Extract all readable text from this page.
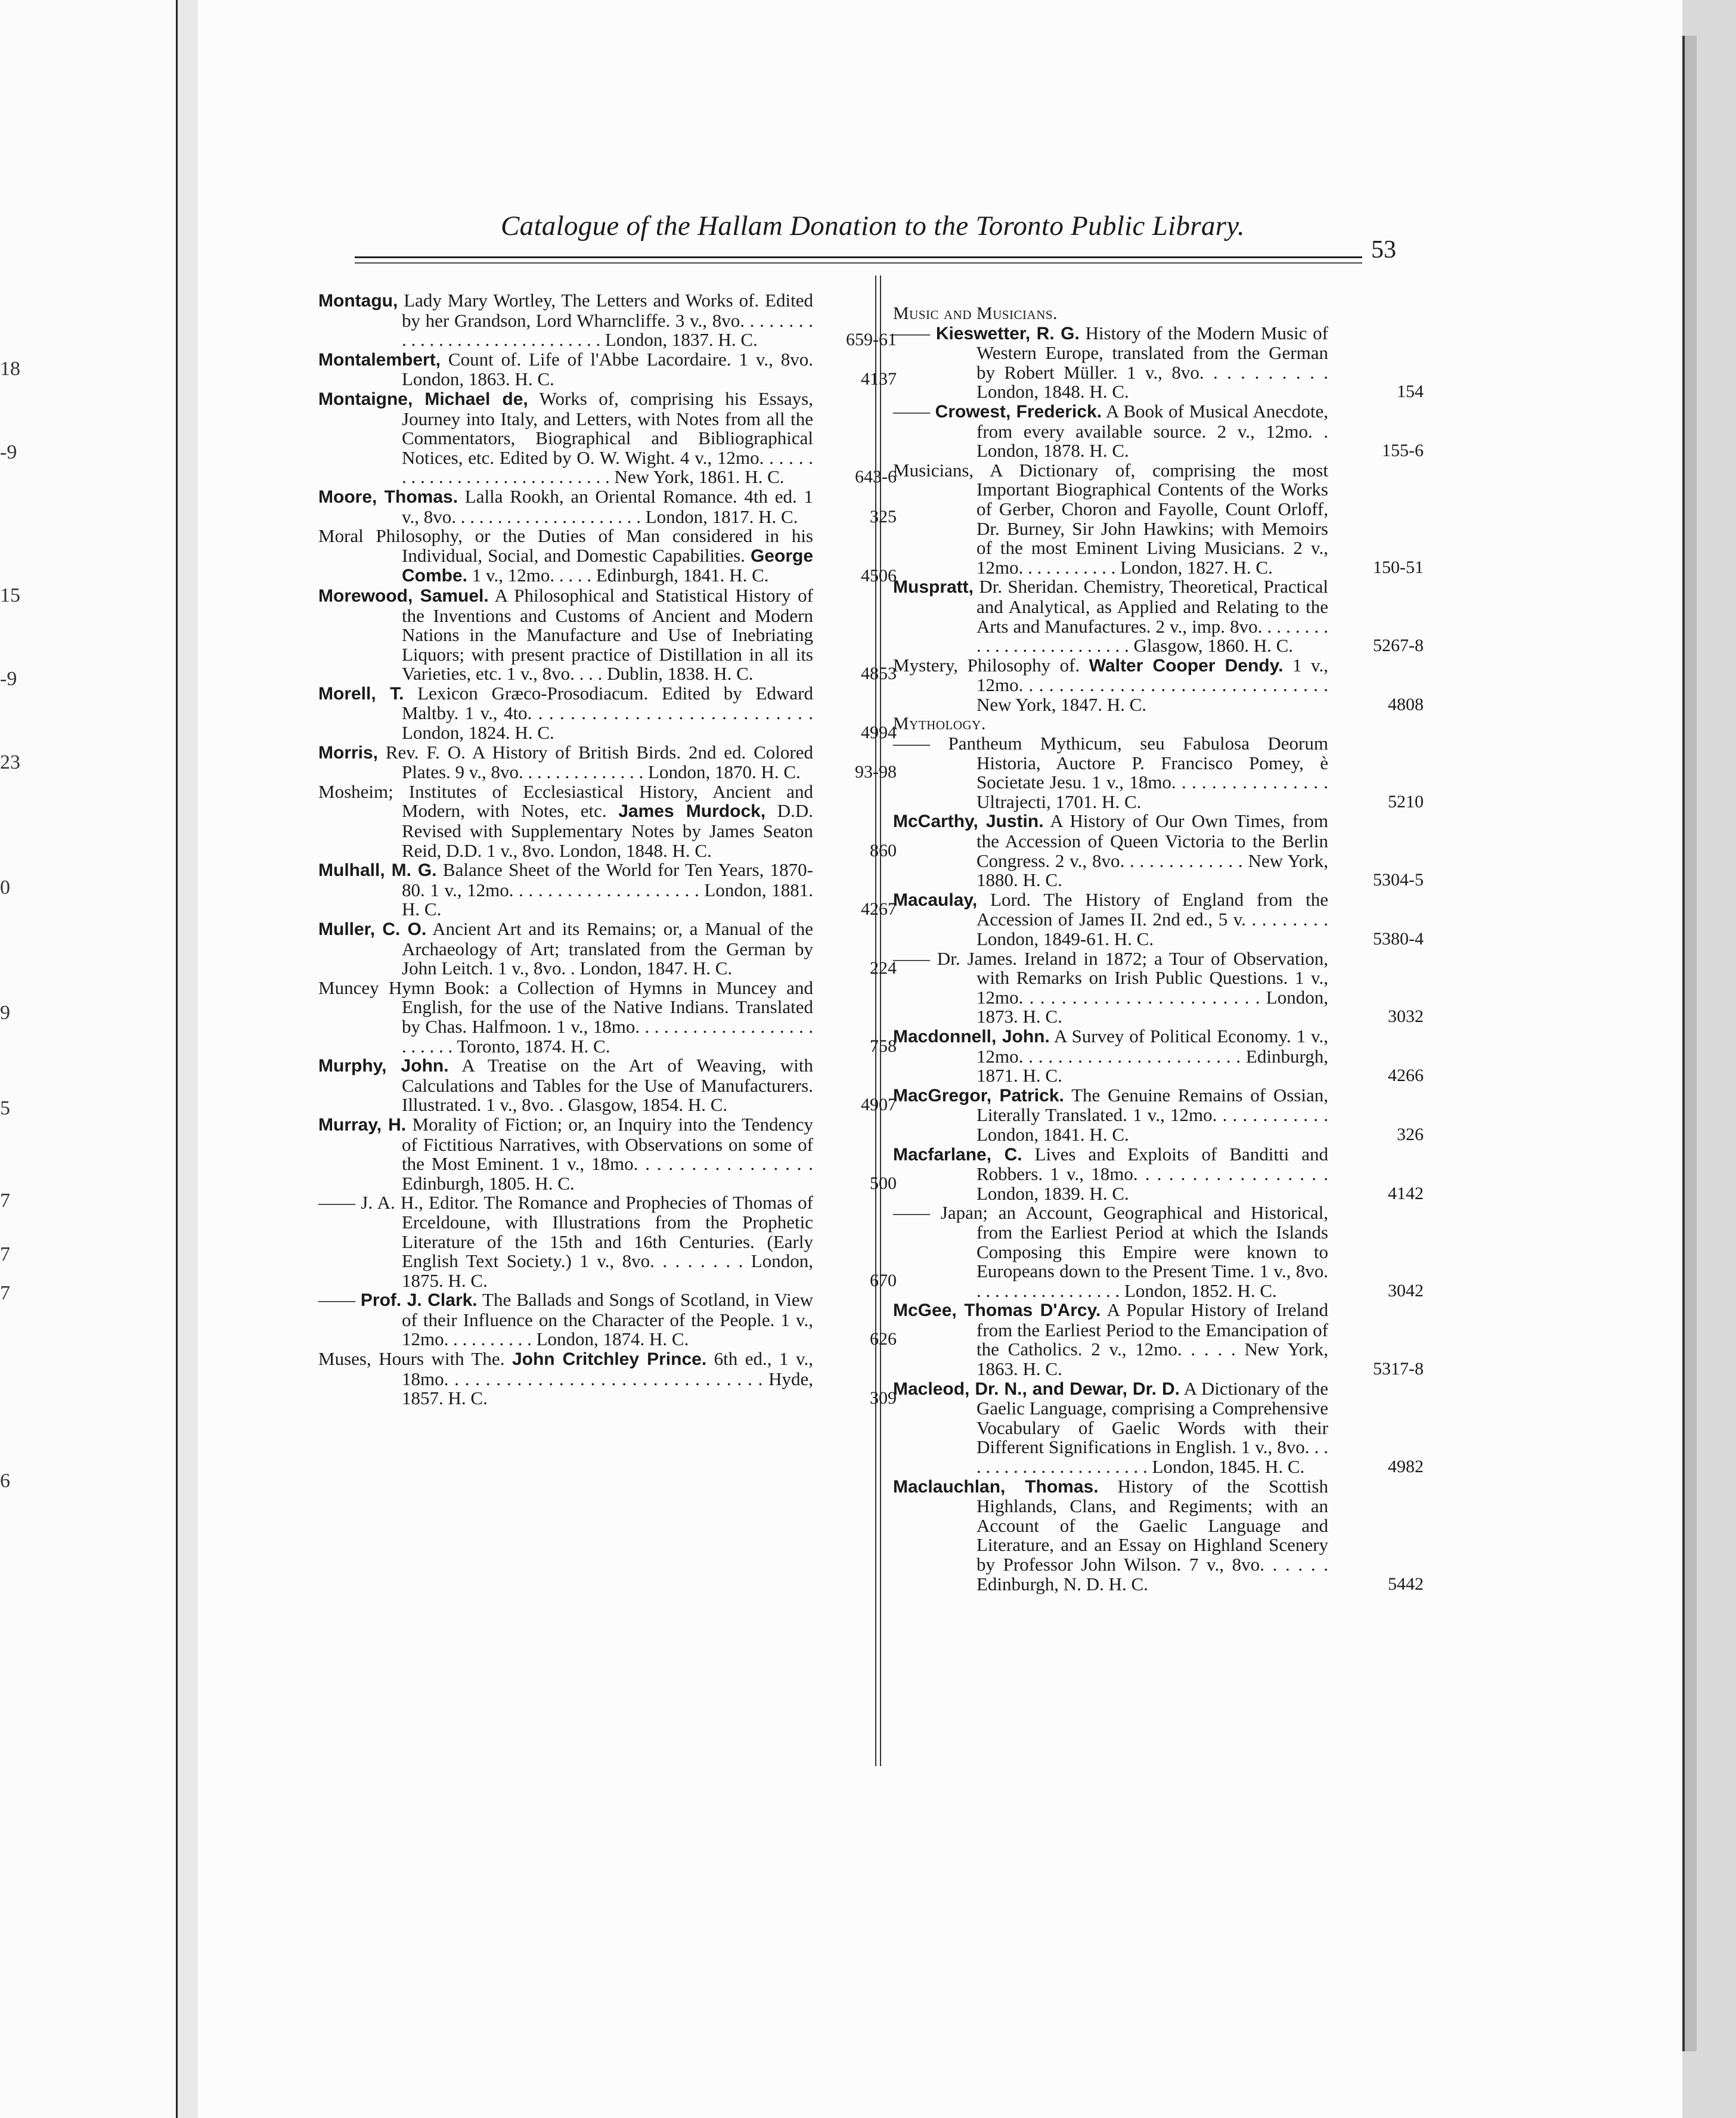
18
-9
15
-9
23
0
9
5
7
7
7
6
Catalogue of the Hallam Donation to the Toronto Public Library.
53
Montagu, Lady Mary Wortley, The Letters and Works of. Edited by her Grandson, Lord Wharncliffe. 3 v., 8vo. . . . . . . . . . . . . . . . . . . . . . . . . . . . . . London, 1837. H. C.	659-61
Montalembert, Count of. Life of l'Abbe Lacordaire. 1 v., 8vo. London, 1863. H. C.	4137
Montaigne, Michael de, Works of, comprising his Essays, Journey into Italy, and Letters, with Notes from all the Commentators, Biographical and Bibliographical Notices, etc. Edited by O. W. Wight. 4 v., 12mo. . . . . . . . . . . . . . . . . . . . . . . . . . . . . New York, 1861. H. C.	643-6
Moore, Thomas. Lalla Rookh, an Oriental Romance. 4th ed. 1 v., 8vo. . . . . . . . . . . . . . . . . . . . . London, 1817. H. C.	325
Moral Philosophy, or the Duties of Man considered in his Individual, Social, and Domestic Capabilities. George Combe. 1 v., 12mo. . . . . Edinburgh, 1841. H. C.	4506
Morewood, Samuel. A Philosophical and Statistical History of the Inventions and Customs of Ancient and Modern Nations in the Manufacture and Use of Inebriating Liquors; with present practice of Distillation in all its Varieties, etc. 1 v., 8vo. . . . Dublin, 1838. H. C.	4853
Morell, T. Lexicon Græco-Prosodiacum. Edited by Edward Maltby. 1 v., 4to. . . . . . . . . . . . . . . . . . . . . . . . . . . London, 1824. H. C.	4994
Morris, Rev. F. O. A History of British Birds. 2nd ed. Colored Plates. 9 v., 8vo. . . . . . . . . . . . . . London, 1870. H. C.	93-98
Mosheim; Institutes of Ecclesiastical History, Ancient and Modern, with Notes, etc. James Murdock, D.D. Revised with Supplementary Notes by James Seaton Reid, D.D. 1 v., 8vo. London, 1848. H. C.	860
Mulhall, M. G. Balance Sheet of the World for Ten Years, 1870-80. 1 v., 12mo. . . . . . . . . . . . . . . . . . . . London, 1881. H. C.	4267
Muller, C. O. Ancient Art and its Remains; or, a Manual of the Archaeology of Art; translated from the German by John Leitch. 1 v., 8vo. . London, 1847. H. C.	224
Muncey Hymn Book: a Collection of Hymns in Muncey and English, for the use of the Native Indians. Translated by Chas. Halfmoon. 1 v., 18mo. . . . . . . . . . . . . . . . . . . . . . . . . Toronto, 1874. H. C.	758
Murphy, John. A Treatise on the Art of Weaving, with Calculations and Tables for the Use of Manufacturers. Illustrated. 1 v., 8vo. . Glasgow, 1854. H. C.	4907
Murray, H. Morality of Fiction; or, an Inquiry into the Tendency of Fictitious Narratives, with Observations on some of the Most Eminent. 1 v., 18mo. . . . . . . . . . . . . . . . Edinburgh, 1805. H. C.	500
—— J. A. H., Editor. The Romance and Prophecies of Thomas of Erceldoune, with Illustrations from the Prophetic Literature of the 15th and 16th Centuries. (Early English Text Society.) 1 v., 8vo. . . . . . . . London, 1875. H. C.	670
—— Prof. J. Clark. The Ballads and Songs of Scotland, in View of their Influence on the Character of the People. 1 v., 12mo. . . . . . . . . . London, 1874. H. C.	626
Muses, Hours with The. John Critchley Prince. 6th ed., 1 v., 18mo. . . . . . . . . . . . . . . . . . . . . . . . . . . . . . . Hyde, 1857. H. C.	309
Music and Musicians.
—— Kieswetter, R. G. History of the Modern Music of Western Europe, translated from the German by Robert Müller. 1 v., 8vo. . . . . . . . . . London, 1848. H. C.	154
—— Crowest, Frederick. A Book of Musical Anecdote, from every available source. 2 v., 12mo. . London, 1878. H. C.	155-6
Musicians, A Dictionary of, comprising the most Important Biographical Contents of the Works of Gerber, Choron and Fayolle, Count Orloff, Dr. Burney, Sir John Hawkins; with Memoirs of the most Eminent Living Musicians. 2 v., 12mo. . . . . . . . . . . London, 1827. H. C.	150-51
Muspratt, Dr. Sheridan. Chemistry, Theoretical, Practical and Analytical, as Applied and Relating to the Arts and Manufactures. 2 v., imp. 8vo. . . . . . . . . . . . . . . . . . . . . . . . . Glasgow, 1860. H. C.	5267-8
Mystery, Philosophy of. Walter Cooper Dendy. 1 v., 12mo. . . . . . . . . . . . . . . . . . . . . . . . . . . . . . . New York, 1847. H. C.	4808
Mythology.
—— Pantheum Mythicum, seu Fabulosa Deorum Historia, Auctore P. Francisco Pomey, è Societate Jesu. 1 v., 18mo. . . . . . . . . . . . . . . . Ultrajecti, 1701. H. C.	5210
McCarthy, Justin. A History of Our Own Times, from the Accession of Queen Victoria to the Berlin Congress. 2 v., 8vo. . . . . . . . . . . . . New York, 1880. H. C.	5304-5
Macaulay, Lord. The History of England from the Accession of James II. 2nd ed., 5 v. . . . . . . . . London, 1849-61. H. C.	5380-4
—— Dr. James. Ireland in 1872; a Tour of Observation, with Remarks on Irish Public Questions. 1 v., 12mo. . . . . . . . . . . . . . . . . . . . . . . London, 1873. H. C.	3032
Macdonnell, John. A Survey of Political Economy. 1 v., 12mo. . . . . . . . . . . . . . . . . . . . . . . Edinburgh, 1871. H. C.	4266
MacGregor, Patrick. The Genuine Remains of Ossian, Literally Translated. 1 v., 12mo. . . . . . . . . . . . London, 1841. H. C.	326
Macfarlane, C. Lives and Exploits of Banditti and Robbers. 1 v., 18mo. . . . . . . . . . . . . . . . . London, 1839. H. C.	4142
—— Japan; an Account, Geographical and Historical, from the Earliest Period at which the Islands Composing this Empire were known to Europeans down to the Present Time. 1 v., 8vo. . . . . . . . . . . . . . . . . London, 1852. H. C.	3042
McGee, Thomas D'Arcy. A Popular History of Ireland from the Earliest Period to the Emancipation of the Catholics. 2 v., 12mo. . . . . New York, 1863. H. C.	5317-8
Macleod, Dr. N., and Dewar, Dr. D. A Dictionary of the Gaelic Language, comprising a Comprehensive Vocabulary of Gaelic Words with their Different Significations in English. 1 v., 8vo. . . . . . . . . . . . . . . . . . . . . . London, 1845. H. C.	4982
Maclauchlan, Thomas. History of the Scottish Highlands, Clans, and Regiments; with an Account of the Gaelic Language and Literature, and an Essay on Highland Scenery by Professor John Wilson. 7 v., 8vo. . . . . . Edinburgh, N. D. H. C.	5442
